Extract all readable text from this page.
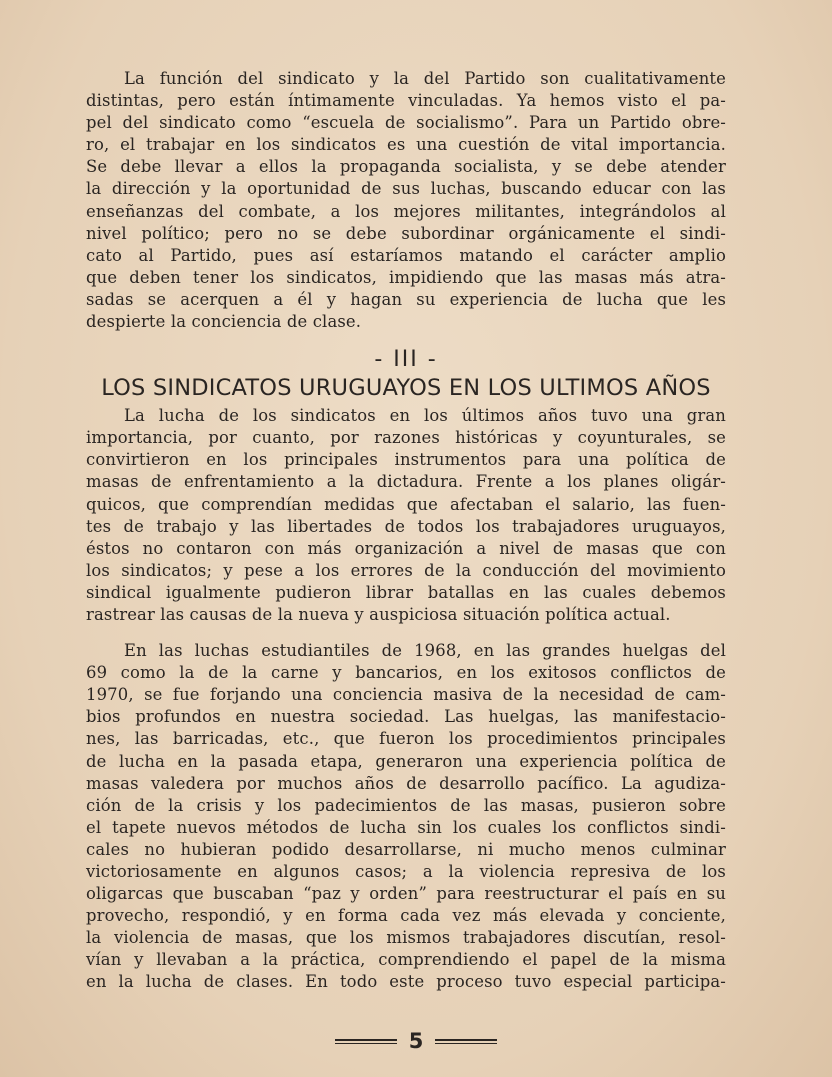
La función del sindicato y la del Partido son cualitativamente
distintas, pero están íntimamente vinculadas. Ya hemos visto el pa-
pel del sindicato como “escuela de socialismo”. Para un Partido obre-
ro, el trabajar en los sindicatos es una cuestión de vital importancia.
Se debe llevar a ellos la propaganda socialista, y se debe atender
la dirección y la oportunidad de sus luchas, buscando educar con las
enseñanzas del combate, a los mejores militantes, integrándolos al
nivel político; pero no se debe subordinar orgánicamente el sindi-
cato al Partido, pues así estaríamos matando el carácter amplio
que deben tener los sindicatos, impidiendo que las masas más atra-
sadas se acerquen a él y hagan su experiencia de lucha que les
despierte la conciencia de clase.

- III -
LOS SINDICATOS URUGUAYOS EN LOS ULTIMOS AÑOS

La lucha de los sindicatos en los últimos años tuvo una gran
importancia, por cuanto, por razones históricas y coyunturales, se
convirtieron en los principales instrumentos para una política de
masas de enfrentamiento a la dictadura. Frente a los planes oligár-
quicos, que comprendían medidas que afectaban el salario, las fuen-
tes de trabajo y las libertades de todos los trabajadores uruguayos,
éstos no contaron con más organización a nivel de masas que con
los sindicatos; y pese a los errores de la conducción del movimiento
sindical igualmente pudieron librar batallas en las cuales debemos
rastrear las causas de la nueva y auspiciosa situación política actual.

En las luchas estudiantiles de 1968, en las grandes huelgas del
69 como la de la carne y bancarios, en los exitosos conflictos de
1970, se fue forjando una conciencia masiva de la necesidad de cam-
bios profundos en nuestra sociedad. Las huelgas, las manifestacio-
nes, las barricadas, etc., que fueron los procedimientos principales
de lucha en la pasada etapa, generaron una experiencia política de
masas valedera por muchos años de desarrollo pacífico. La agudiza-
ción de la crisis y los padecimientos de las masas, pusieron sobre
el tapete nuevos métodos de lucha sin los cuales los conflictos sindi-
cales no hubieran podido desarrollarse, ni mucho menos culminar
victoriosamente en algunos casos; a la violencia represiva de los
oligarcas que buscaban “paz y orden” para reestructurar el país en su
provecho, respondió, y en forma cada vez más elevada y conciente,
la violencia de masas, que los mismos trabajadores discutían, resol-
vían y llevaban a la práctica, comprendiendo el papel de la misma
en la lucha de clases. En todo este proceso tuvo especial participa-

5
